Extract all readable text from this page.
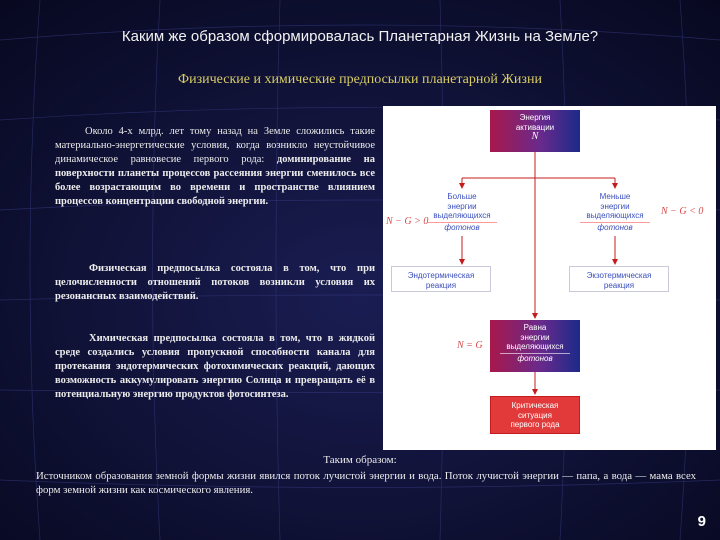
Каким же образом сформировалась Планетарная Жизнь на Земле?
Физические и химические предпосылки планетарной Жизни

Около 4-х млрд. лет тому назад на Земле сложились такие материально-энергетические условия, когда возникло неустойчивое динамическое равновесие первого рода: доминирование на поверхности планеты процессов рассеяния энергии сменилось все более возрастающим во времени и пространстве влиянием процессов концентрации свободной энергии.

Физическая предпосылка состояла в том, что при целочисленности отношений потоков возникли условия их резонансных взаимодействий.

Химическая предпосылка состояла в том, что в жидкой среде создались условия пропускной способности канала для протекания эндотермических фотохимических реакций, дающих возможность аккумулировать энергию Солнца и превращать её в потенциальную энергию продуктов фотосинтеза.

Энергия
активации
N
Больше
энергии
выделяющихся
фотонов
Меньше
энергии
выделяющихся
фотонов
N − G > 0
N − G < 0
Эндотермическая
реакция
Экзотермическая
реакция
N = G
Равна
энергии
выделяющихся
фотонов
Критическая
ситуация
первого рода
Таким образом:

Источником образования земной формы жизни явился поток лучистой энергии и вода. Поток лучистой энергии — папа, а вода — мама всех форм земной жизни как космического явления.

9
